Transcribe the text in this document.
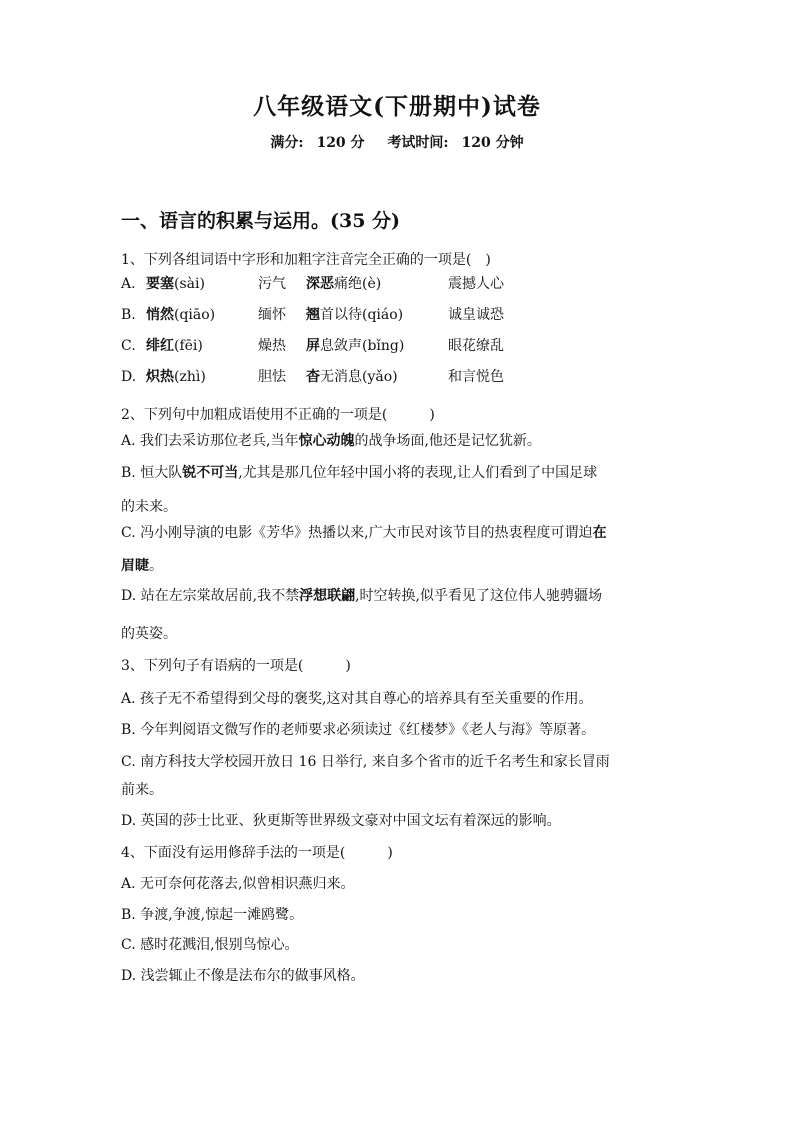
八年级语文(下册期中)试卷
满分: 120 分 考试时间: 120 分钟
一、语言的积累与运用。(35 分)
1、下列各组词语中字形和加粗字注音完全正确的一项是(　)
A. 要塞(sài)	污气 深恶痛绝(è)	震撼人心
B. 悄然(qiāo)	缅怀 翘首以待(qiáo)	诚皇诚恐
C. 绯红(fēi)	燥热 屏息敛声(bǐng)	眼花缭乱
D. 炽热(zhì)	胆怯 杳无消息(yǎo)	和言悦色
2、下列句中加粗成语使用不正确的一项是(　　　)
A. 我们去采访那位老兵,当年惊心动魄的战争场面,他还是记忆犹新。
B. 恒大队锐不可当,尤其是那几位年轻中国小将的表现,让人们看到了中国足球
的未来。
C. 冯小刚导演的电影《芳华》热播以来,广大市民对该节目的热衷程度可谓迫在
眉睫。
D. 站在左宗棠故居前,我不禁浮想联翩,时空转换,似乎看见了这位伟人驰骋疆场
的英姿。
3、下列句子有语病的一项是(　　　)
A. 孩子无不希望得到父母的褒奖,这对其自尊心的培养具有至关重要的作用。
B. 今年判阅语文微写作的老师要求必须读过《红楼梦》《老人与海》等原著。
C. 南方科技大学校园开放日 16 日举行, 来自多个省市的近千名考生和家长冒雨
前来。
D. 英国的莎士比亚、狄更斯等世界级文豪对中国文坛有着深远的影响。
4、下面没有运用修辞手法的一项是(　　　)
A. 无可奈何花落去,似曾相识燕归来。
B. 争渡,争渡,惊起一滩鸥鹭。
C. 感时花溅泪,恨别鸟惊心。
D. 浅尝辄止不像是法布尔的做事风格。
